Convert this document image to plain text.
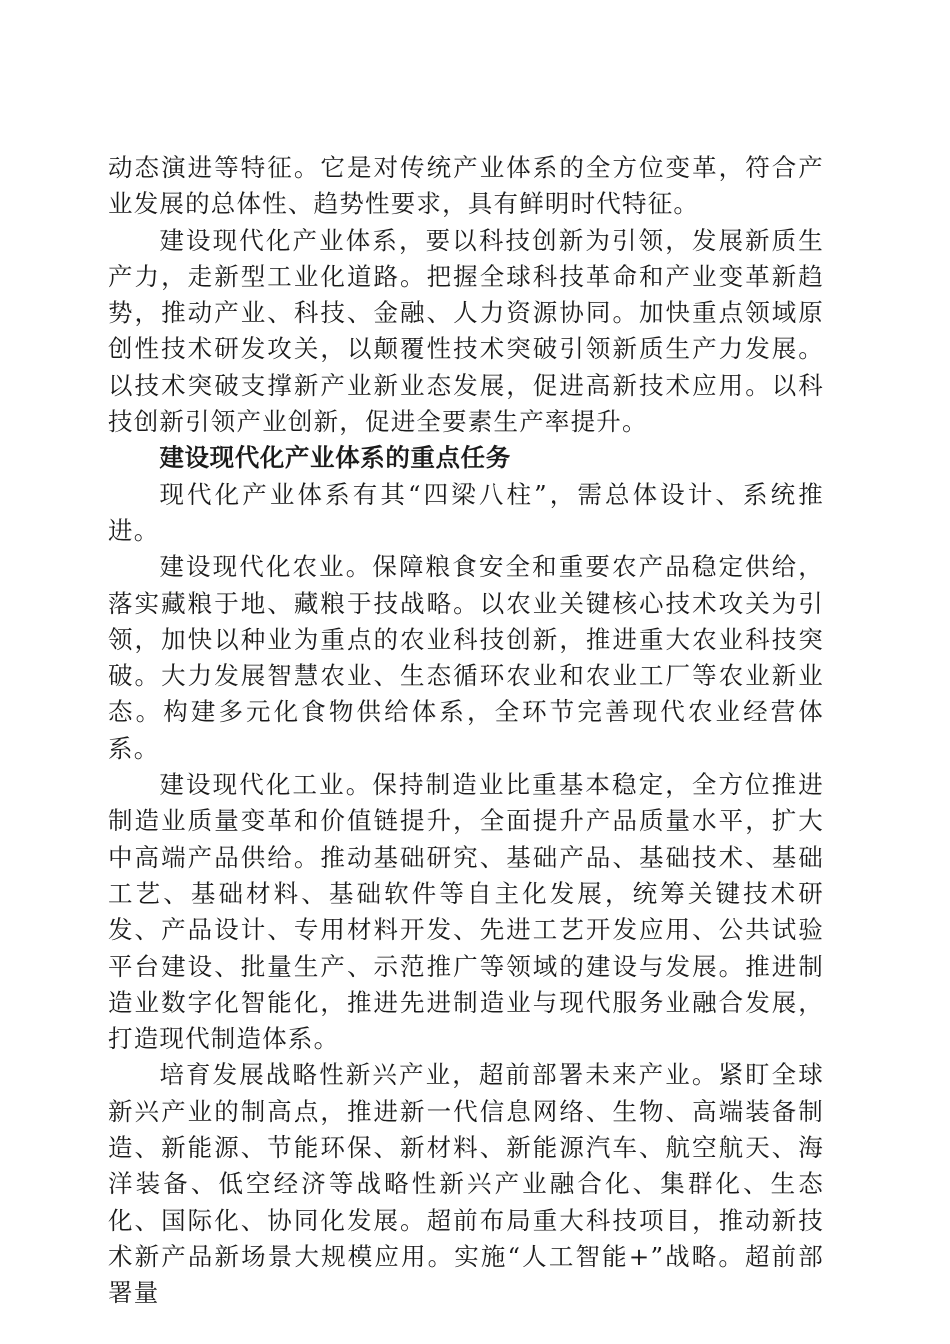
动态演进等特征。它是对传统产业体系的全方位变革，符合产业发展的总体性、趋势性要求，具有鲜明时代特征。

建设现代化产业体系，要以科技创新为引领，发展新质生产力，走新型工业化道路。把握全球科技革命和产业变革新趋势，推动产业、科技、金融、人力资源协同。加快重点领域原创性技术研发攻关，以颠覆性技术突破引领新质生产力发展。以技术突破支撑新产业新业态发展，促进高新技术应用。以科技创新引领产业创新，促进全要素生产率提升。

建设现代化产业体系的重点任务

现代化产业体系有其“四梁八柱”，需总体设计、系统推进。

建设现代化农业。保障粮食安全和重要农产品稳定供给，落实藏粮于地、藏粮于技战略。以农业关键核心技术攻关为引领，加快以种业为重点的农业科技创新，推进重大农业科技突破。大力发展智慧农业、生态循环农业和农业工厂等农业新业态。构建多元化食物供给体系，全环节完善现代农业经营体系。

建设现代化工业。保持制造业比重基本稳定，全方位推进制造业质量变革和价值链提升，全面提升产品质量水平，扩大中高端产品供给。推动基础研究、基础产品、基础技术、基础工艺、基础材料、基础软件等自主化发展，统筹关键技术研发、产品设计、专用材料开发、先进工艺开发应用、公共试验平台建设、批量生产、示范推广等领域的建设与发展。推进制造业数字化智能化，推进先进制造业与现代服务业融合发展，打造现代制造体系。

培育发展战略性新兴产业，超前部署未来产业。紧盯全球新兴产业的制高点，推进新一代信息网络、生物、高端装备制造、新能源、节能环保、新材料、新能源汽车、航空航天、海洋装备、低空经济等战略性新兴产业融合化、集群化、生态化、国际化、协同化发展。超前布局重大科技项目，推动新技术新产品新场景大规模应用。实施“人工智能+”战略。超前部署量
